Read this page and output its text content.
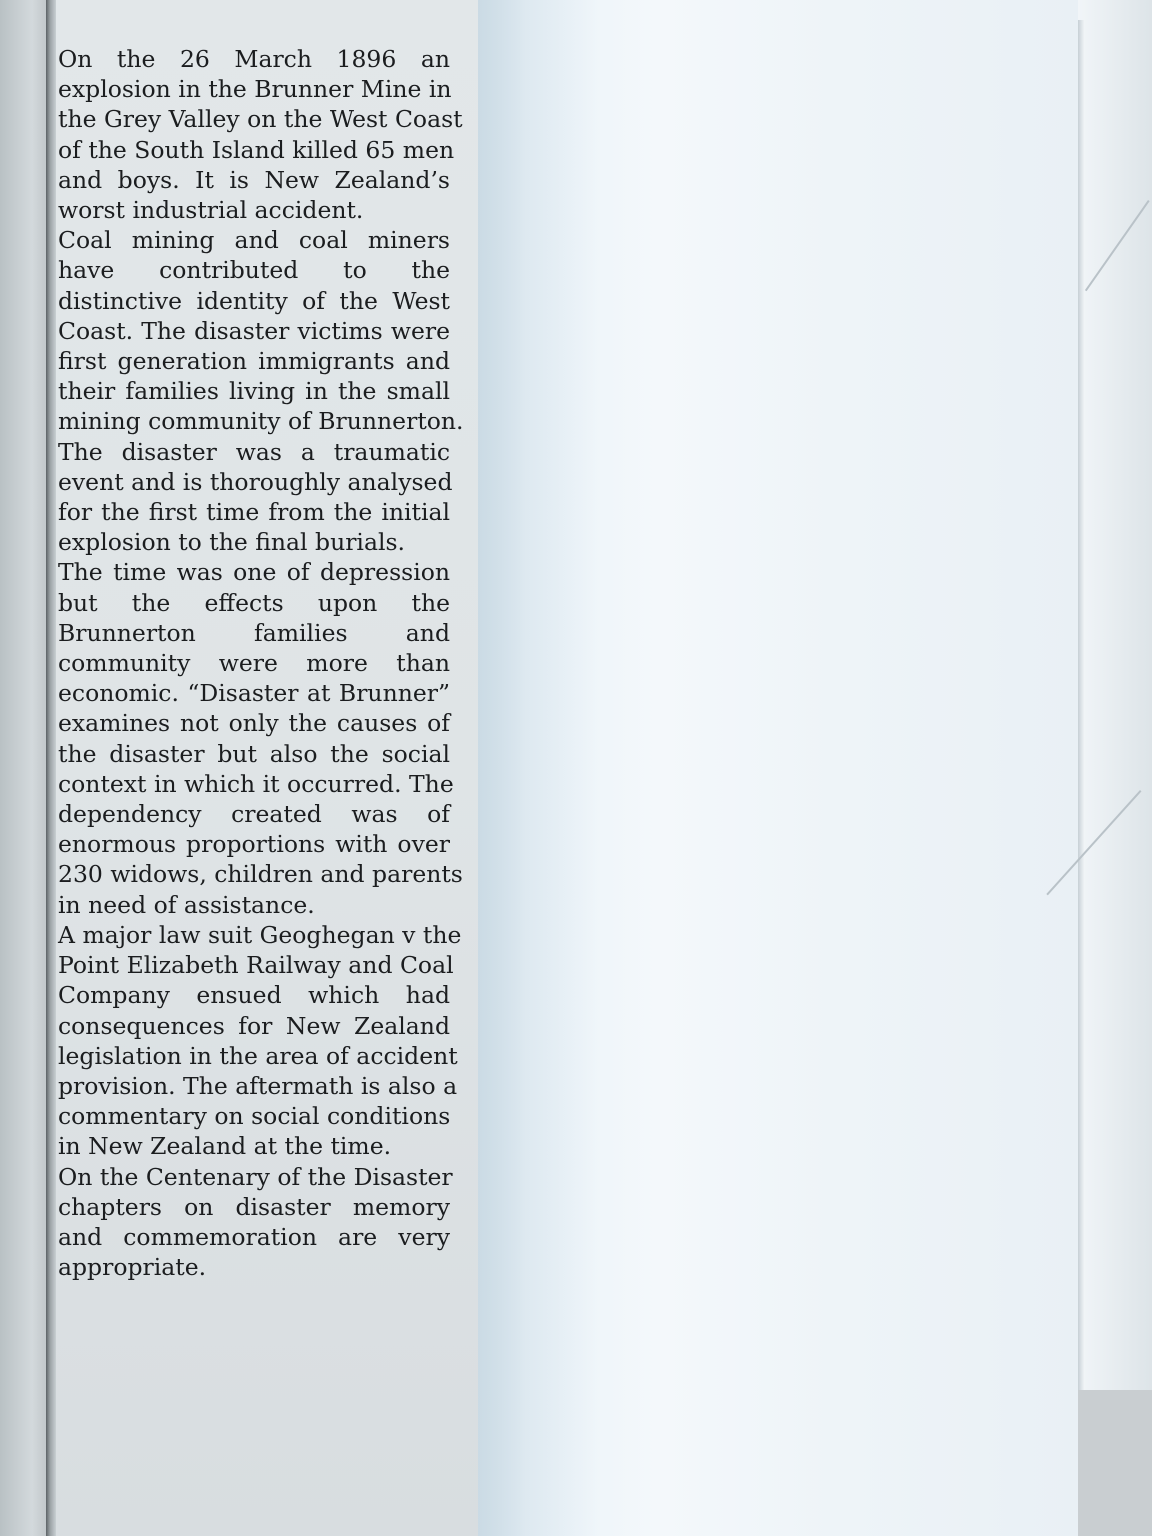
On the 26 March 1896 an
explosion in the Brunner Mine in
the Grey Valley on the West Coast
of the South Island killed 65 men
and boys. It is New Zealand’s
worst industrial accident.
Coal mining and coal miners
have contributed to the
distinctive identity of the West
Coast. The disaster victims were
first generation immigrants and
their families living in the small
mining community of Brunnerton.
The disaster was a traumatic
event and is thoroughly analysed
for the first time from the initial
explosion to the final burials.
The time was one of depression
but the effects upon the
Brunnerton families and
community were more than
economic. “Disaster at Brunner”
examines not only the causes of
the disaster but also the social
context in which it occurred. The
dependency created was of
enormous proportions with over
230 widows, children and parents
in need of assistance.
A major law suit Geoghegan v the
Point Elizabeth Railway and Coal
Company ensued which had
consequences for New Zealand
legislation in the area of accident
provision. The aftermath is also a
commentary on social conditions
in New Zealand at the time.
On the Centenary of the Disaster
chapters on disaster memory
and commemoration are very
appropriate.
